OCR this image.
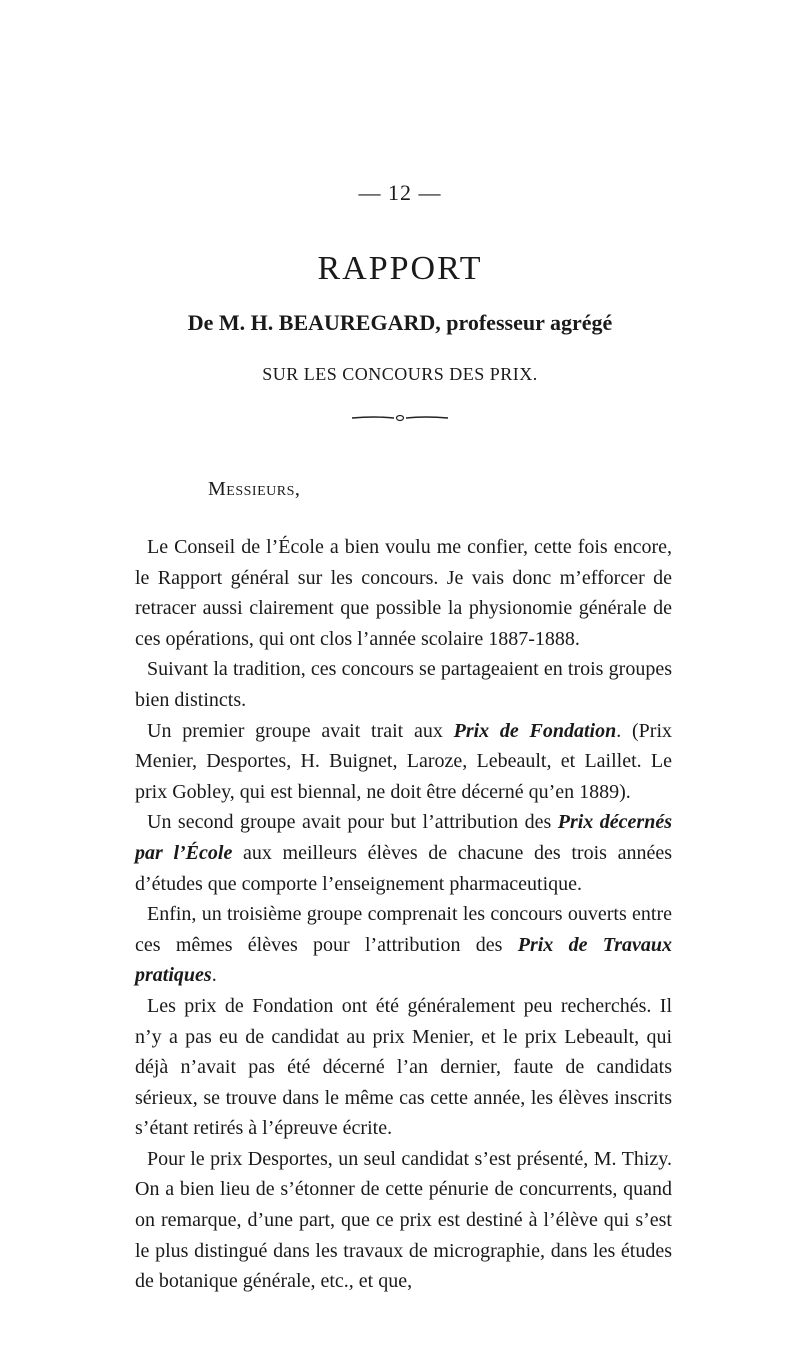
— 12 —
RAPPORT
De M. H. BEAUREGARD, professeur agrégé
SUR LES CONCOURS DES PRIX.
Messieurs,

Le Conseil de l’École a bien voulu me confier, cette fois encore, le Rapport général sur les concours. Je vais donc m’efforcer de retracer aussi clairement que possible la physionomie générale de ces opérations, qui ont clos l’année scolaire 1887-1888.

Suivant la tradition, ces concours se partageaient en trois groupes bien distincts.

Un premier groupe avait trait aux Prix de Fondation. (Prix Menier, Desportes, H. Buignet, Laroze, Lebeault, et Laillet. Le prix Gobley, qui est biennal, ne doit être décerné qu’en 1889).

Un second groupe avait pour but l’attribution des Prix décernés par l’École aux meilleurs élèves de chacune des trois années d’études que comporte l’enseignement pharmaceutique.

Enfin, un troisième groupe comprenait les concours ouverts entre ces mêmes élèves pour l’attribution des Prix de Travaux pratiques.

Les prix de Fondation ont été généralement peu recherchés. Il n’y a pas eu de candidat au prix Menier, et le prix Lebeault, qui déjà n’avait pas été décerné l’an dernier, faute de candidats sérieux, se trouve dans le même cas cette année, les élèves inscrits s’étant retirés à l’épreuve écrite.

Pour le prix Desportes, un seul candidat s’est présenté, M. Thizy. On a bien lieu de s’étonner de cette pénurie de concurrents, quand on remarque, d’une part, que ce prix est destiné à l’élève qui s’est le plus distingué dans les travaux de micrographie, dans les études de botanique générale, etc., et que,
